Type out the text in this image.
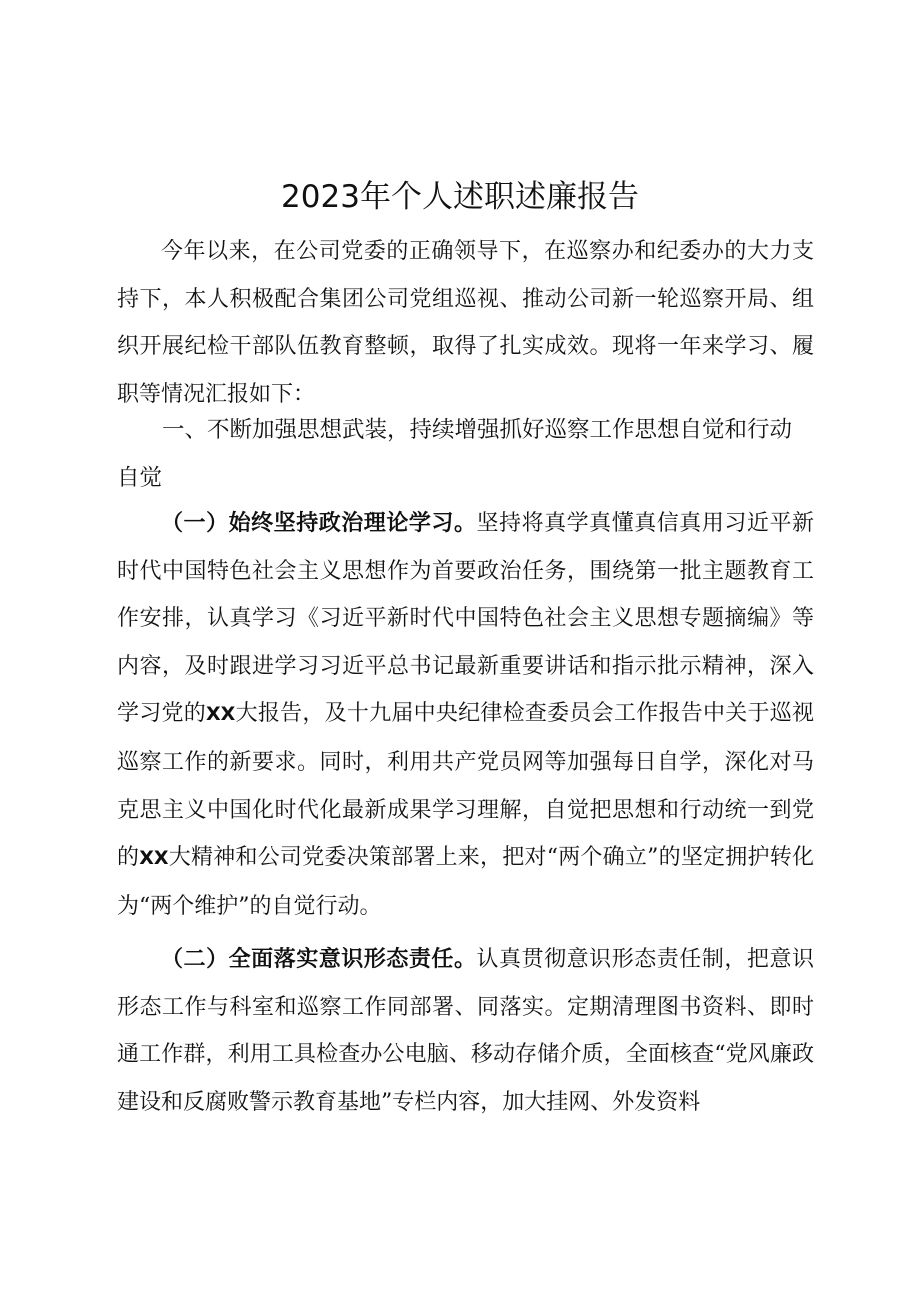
2023年个人述职述廉报告

今年以来，在公司党委的正确领导下，在巡察办和纪委办的大力支持下，本人积极配合集团公司党组巡视、推动公司新一轮巡察开局、组织开展纪检干部队伍教育整顿，取得了扎实成效。现将一年来学习、履职等情况汇报如下：

一、不断加强思想武装，持续增强抓好巡察工作思想自觉和行动自觉

（一）始终坚持政治理论学习。坚持将真学真懂真信真用习近平新时代中国特色社会主义思想作为首要政治任务，围绕第一批主题教育工作安排，认真学习《习近平新时代中国特色社会主义思想专题摘编》等内容，及时跟进学习习近平总书记最新重要讲话和指示批示精神，深入学习党的XX大报告，及十九届中央纪律检查委员会工作报告中关于巡视巡察工作的新要求。同时，利用共产党员网等加强每日自学，深化对马克思主义中国化时代化最新成果学习理解，自觉把思想和行动统一到党的XX大精神和公司党委决策部署上来，把对“两个确立”的坚定拥护转化为“两个维护”的自觉行动。

（二）全面落实意识形态责任。认真贯彻意识形态责任制，把意识形态工作与科室和巡察工作同部署、同落实。定期清理图书资料、即时通工作群，利用工具检查办公电脑、移动存储介质，全面核查“党风廉政建设和反腐败警示教育基地”专栏内容，加大挂网、外发资料
